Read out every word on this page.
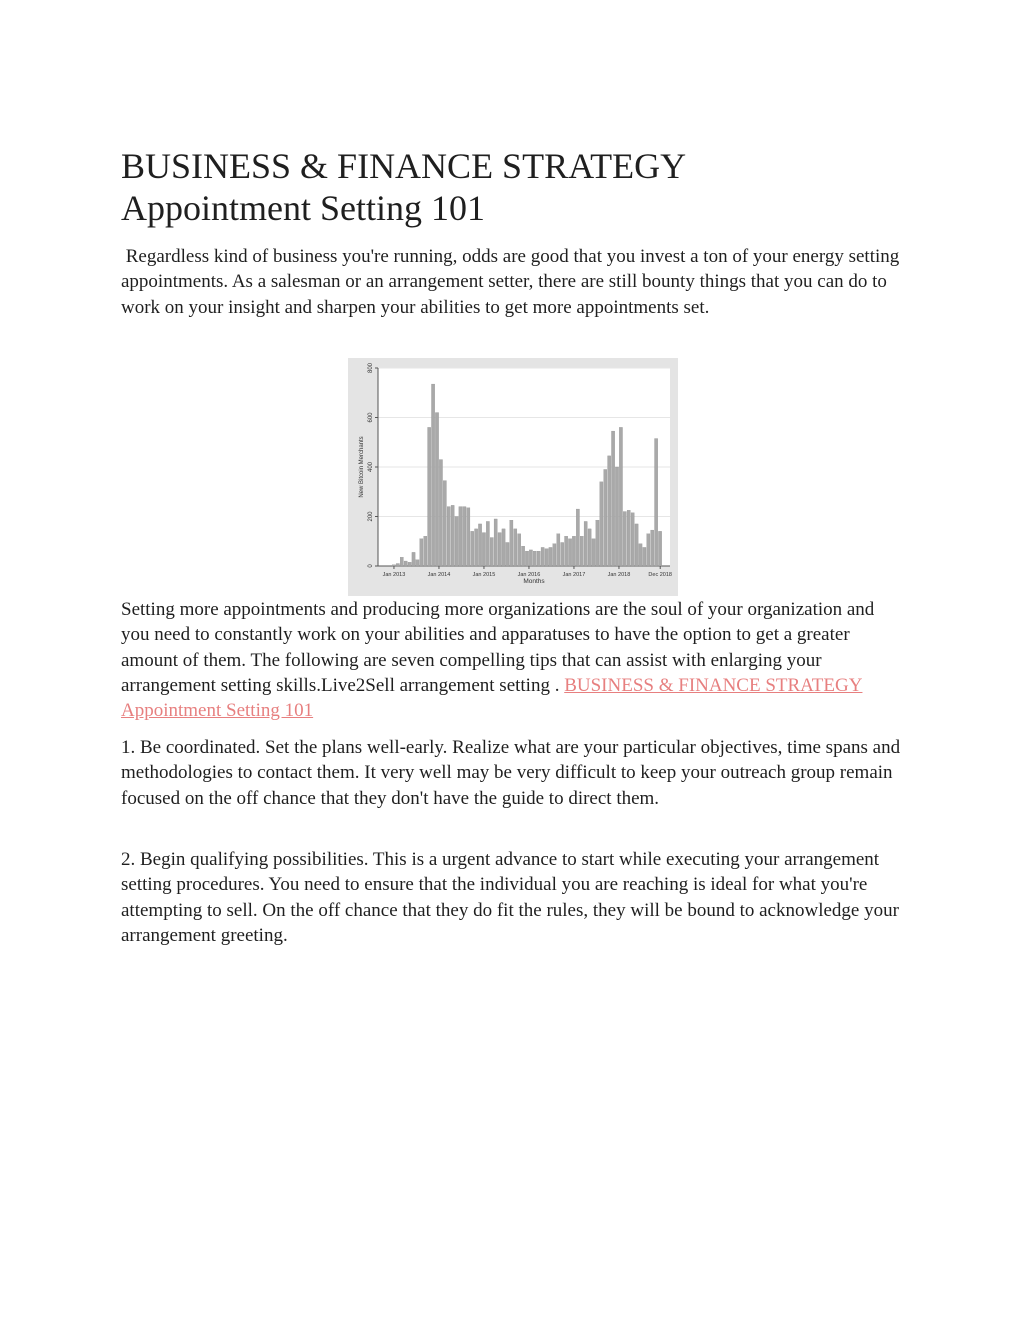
BUSINESS & FINANCE STRATEGY
Appointment Setting 101

Regardless kind of business you're running, odds are good that you invest a ton of your energy setting appointments. As a salesman or an arrangement setter, there are still bounty things that you can do to work on your insight and sharpen your abilities to get more appointments set.

0
200
400
600
800
Jan 2013	Jan 2014	Jan 2015	Jan 2016	Jan 2017	Jan 2018	Dec 2018
Months
New Bitcoin Merchants

Setting more appointments and producing more organizations are the soul of your organization and you need to constantly work on your abilities and apparatuses to have the option to get a greater amount of them. The following are seven compelling tips that can assist with enlarging your arrangement setting skills.Live2Sell arrangement setting . BUSINESS & FINANCE STRATEGY Appointment Setting 101

1. Be coordinated. Set the plans well-early. Realize what are your particular objectives, time spans and methodologies to contact them. It very well may be very difficult to keep your outreach group remain focused on the off chance that they don't have the guide to direct them.

2. Begin qualifying possibilities. This is a urgent advance to start while executing your arrangement setting procedures. You need to ensure that the individual you are reaching is ideal for what you're attempting to sell. On the off chance that they do fit the rules, they will be bound to acknowledge your arrangement greeting.
